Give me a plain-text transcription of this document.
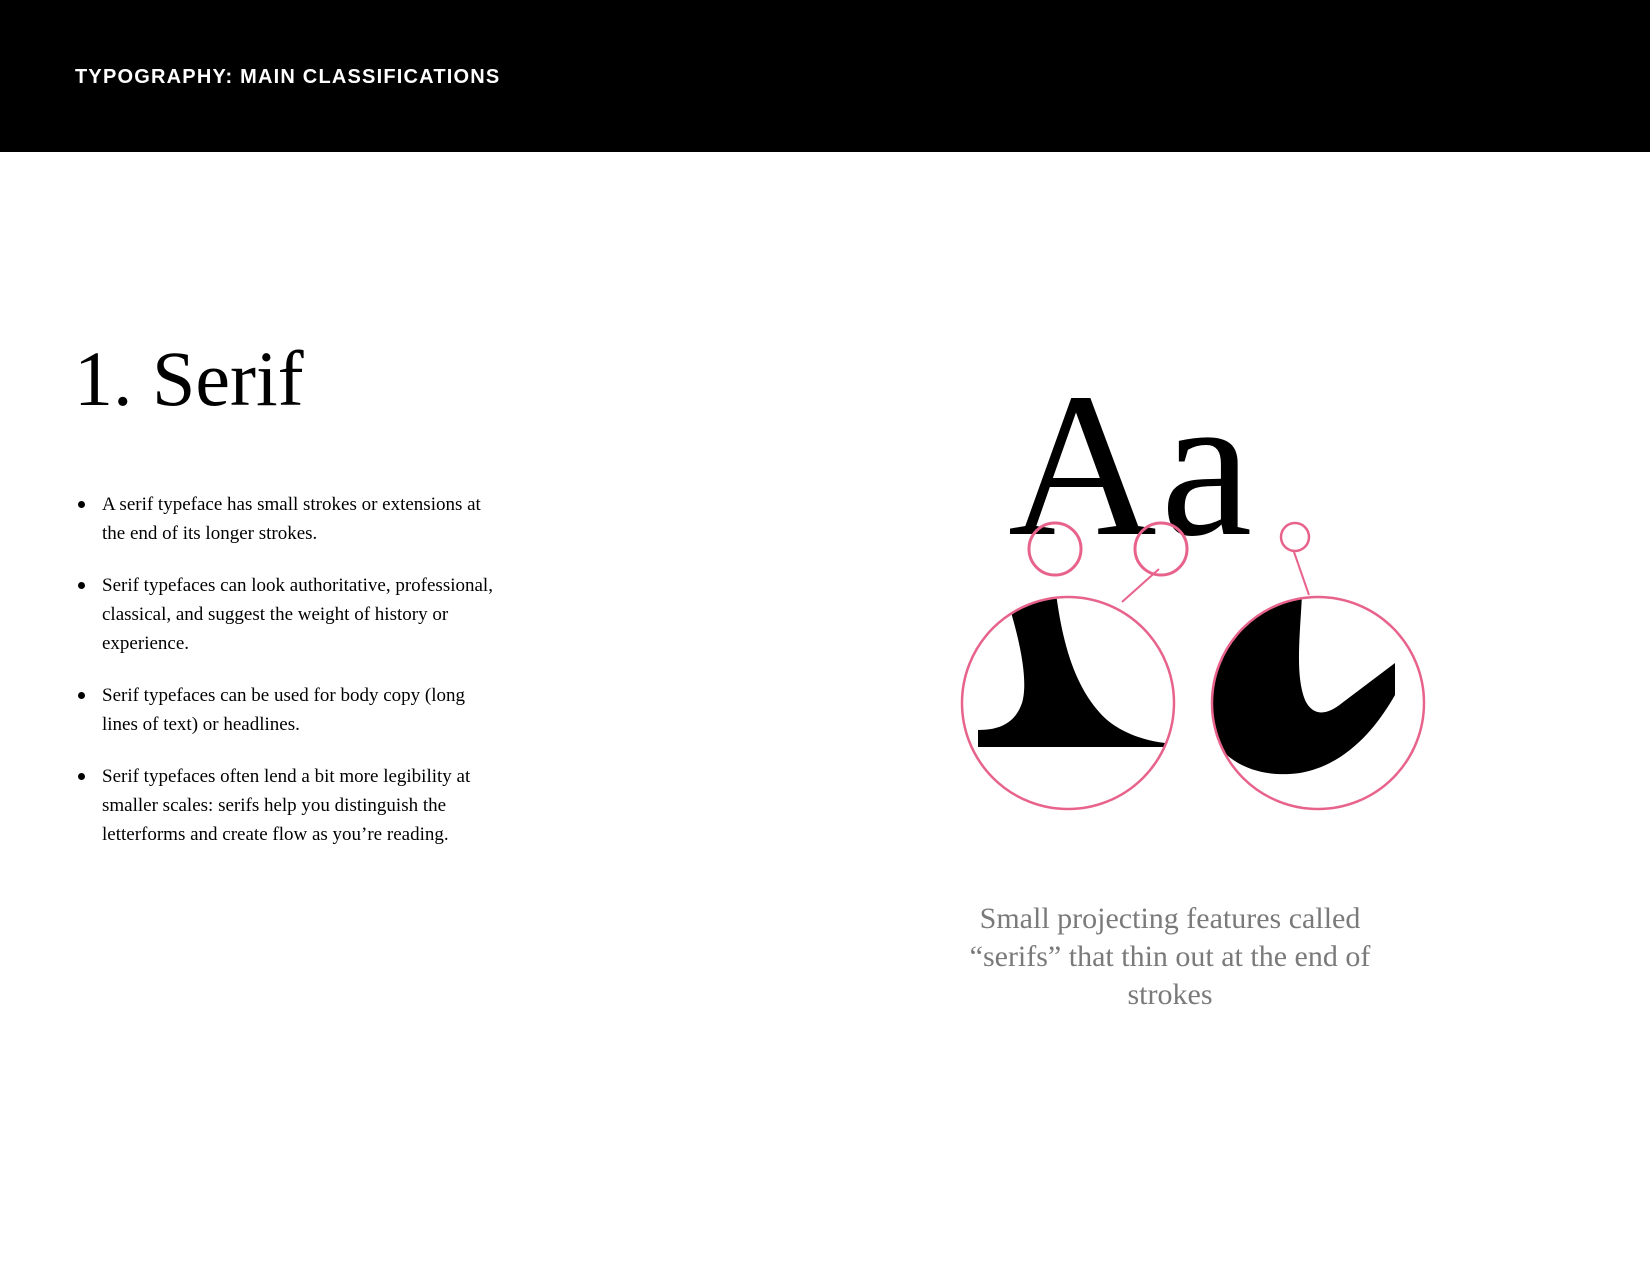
TYPOGRAPHY: MAIN CLASSIFICATIONS
1. Serif
A serif typeface has small strokes or extensions at the end of its longer strokes.
Serif typefaces can look authoritative, professional, classical, and suggest the weight of history or experience.
Serif typefaces can be used for body copy (long lines of text) or headlines.
Serif typefaces often lend a bit more legibility at smaller scales: serifs help you distinguish the letterforms and create flow as you’re reading.
Aa
Small projecting features called “serifs” that thin out at the end of strokes
